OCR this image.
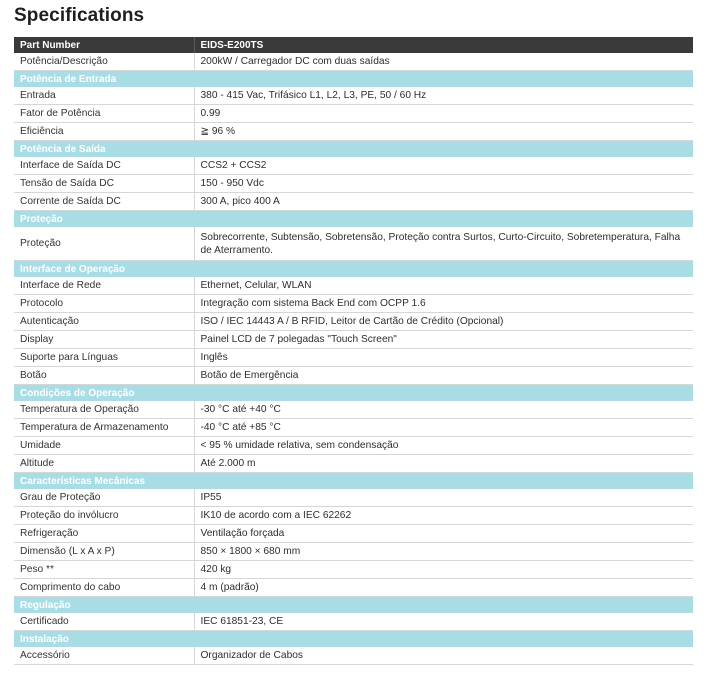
Specifications
Part Number	EIDS-E200TS
Potência/Descrição	200kW / Carregador DC com duas saídas
Potência de Entrada	
Entrada	380 - 415 Vac, Trifásico L1, L2, L3, PE, 50 / 60 Hz
Fator de Potência	0.99
Eficiência	≧ 96 %
Potência de Saída	
Interface de Saída DC	CCS2 + CCS2
Tensão de Saída DC	150 - 950 Vdc
Corrente de Saída DC	300 A, pico 400 A
Proteção	
Proteção	Sobrecorrente, Subtensão, Sobretensão, Proteção contra Surtos, Curto-Circuito, Sobretemperatura, Falha de Aterramento.
Interface de Operação	
Interface de Rede	Ethernet, Celular, WLAN
Protocolo	Integração com sistema Back End com OCPP 1.6
Autenticação	ISO / IEC 14443 A / B RFID, Leitor de Cartão de Crédito (Opcional)
Display	Painel LCD de 7 polegadas "Touch Screen"
Suporte para Línguas	Inglês
Botão	Botão de Emergência
Condições de Operação	
Temperatura de Operação	-30 °C até +40 °C
Temperatura de Armazenamento	-40 °C até +85 °C
Umidade	< 95 % umidade relativa, sem condensação
Altitude	Até 2.000 m
Características Mecânicas	
Grau de Proteção	IP55
Proteção do invólucro	IK10 de acordo com a IEC 62262
Refrigeração	Ventilação forçada
Dimensão (L x A x P)	850 × 1800 × 680 mm
Peso **	420 kg
Comprimento do cabo	4 m (padrão)
Regulação	
Certificado	IEC 61851-23, CE
Instalação	
Accessório	Organizador de Cabos
